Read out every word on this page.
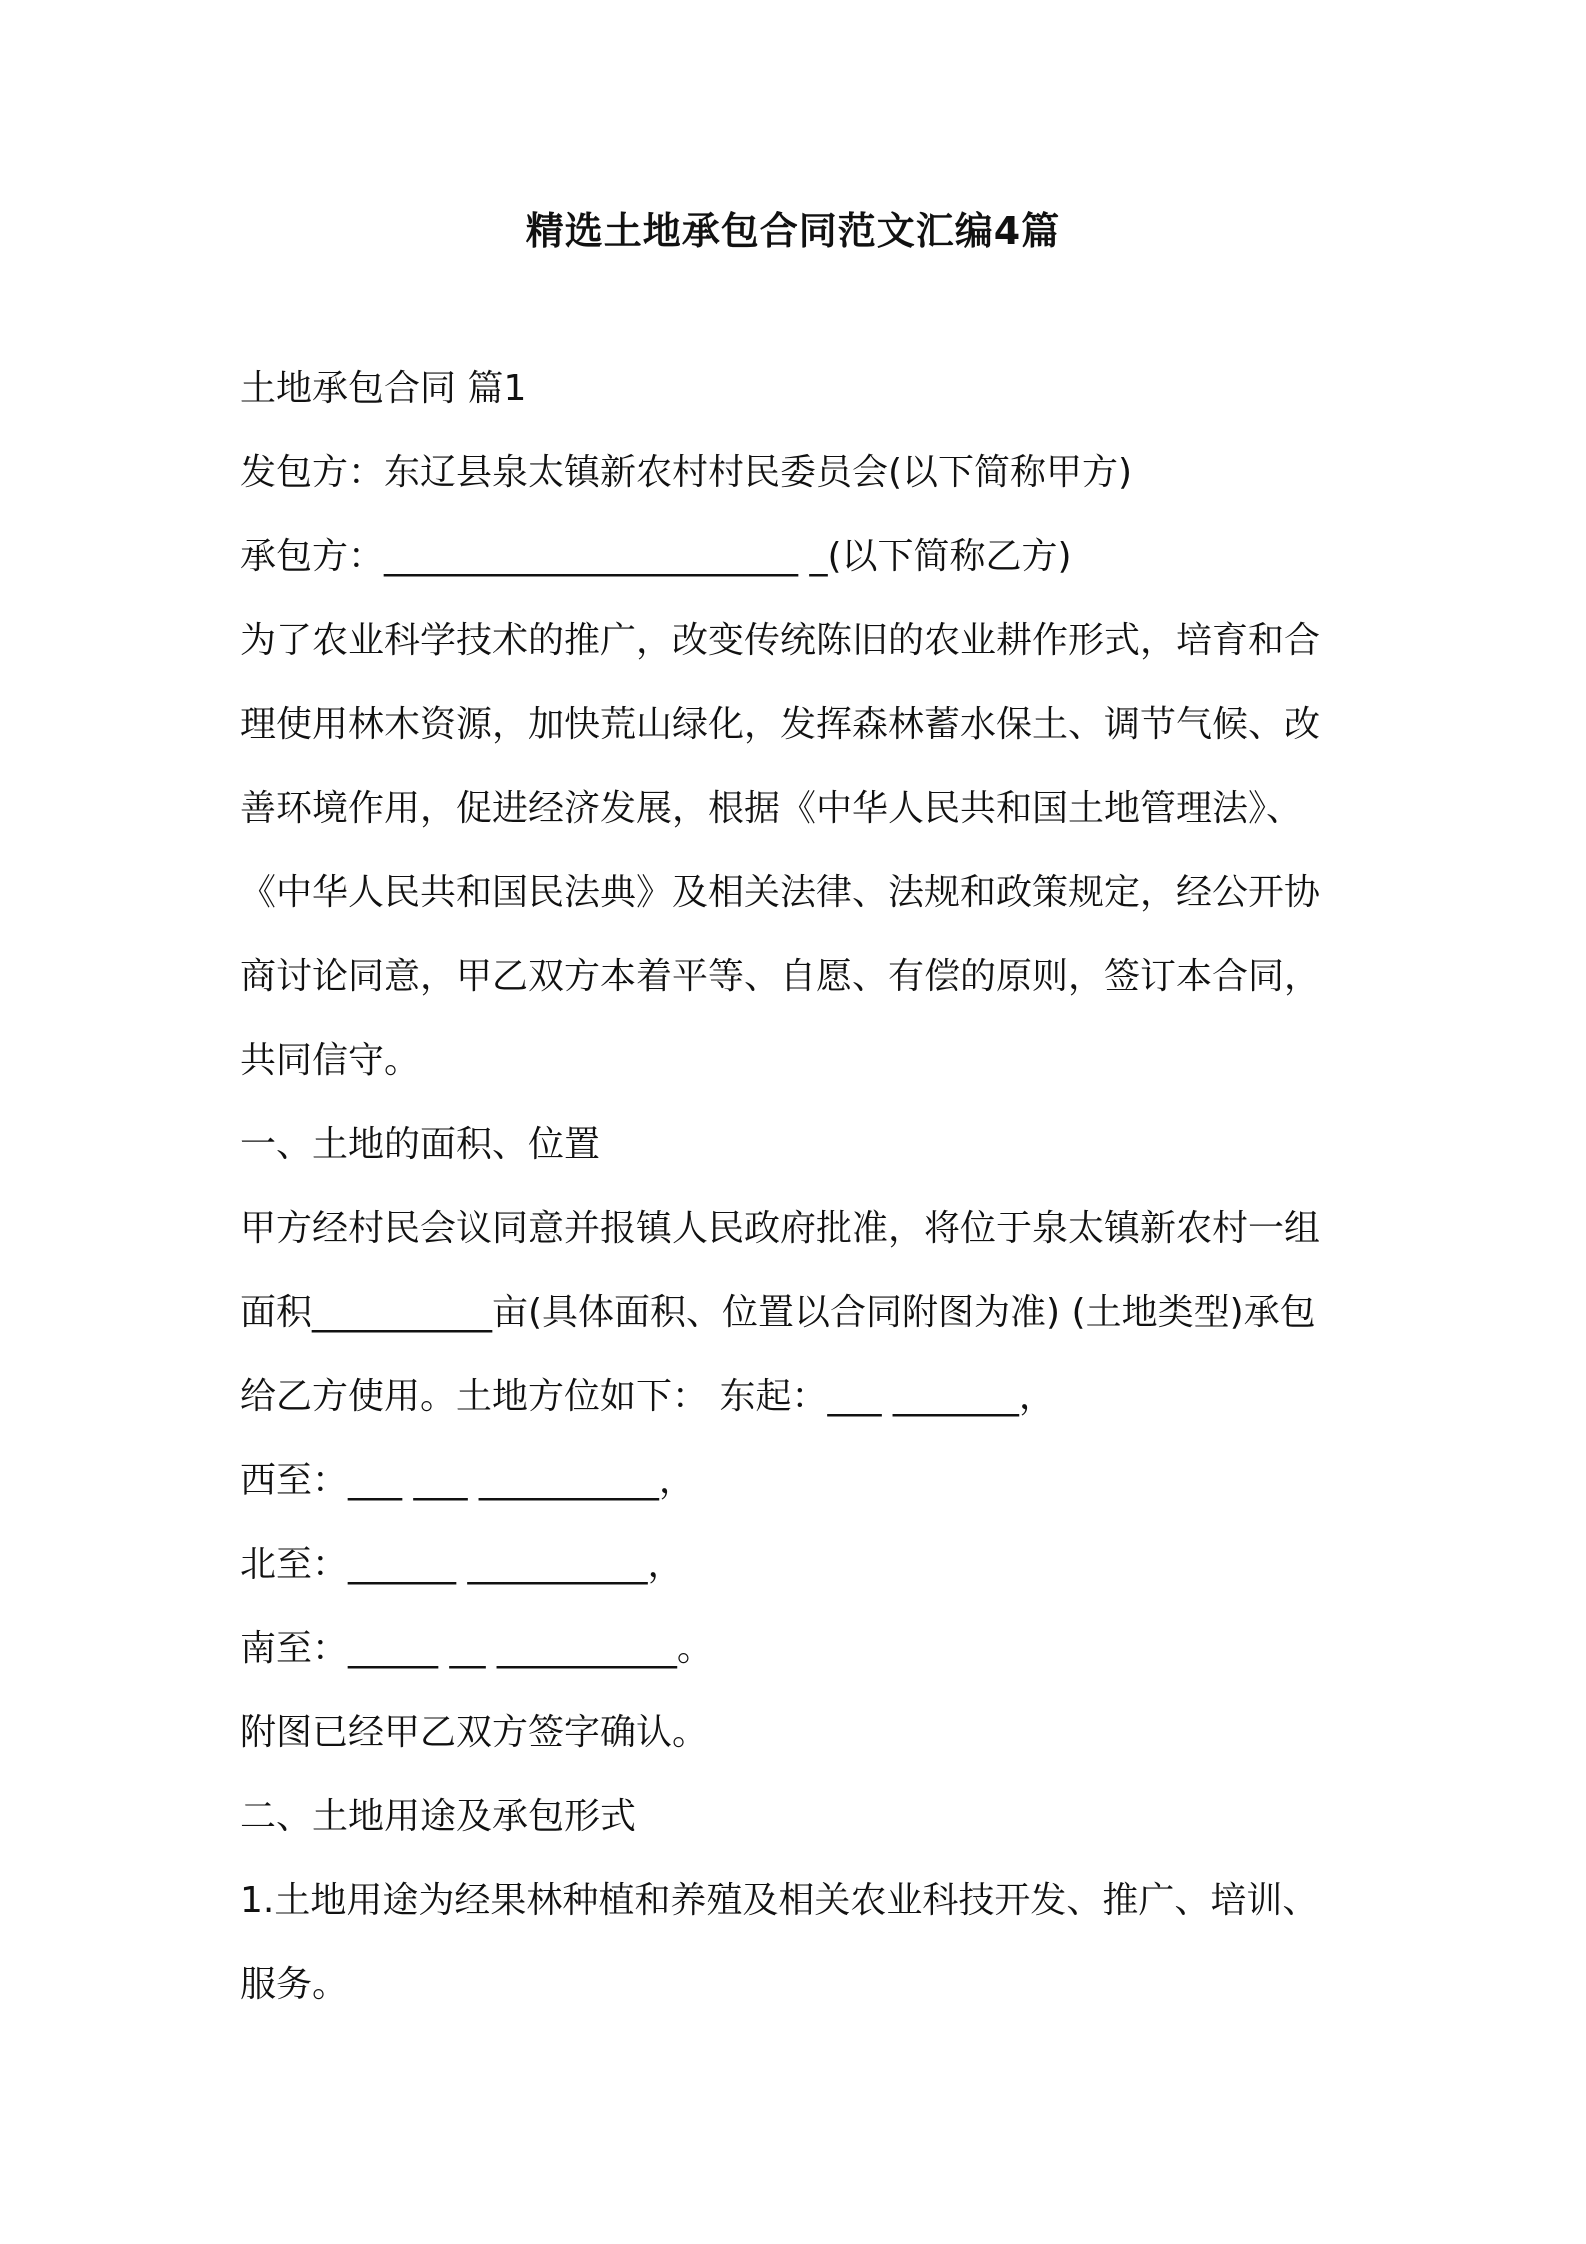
精选土地承包合同范文汇编4篇
土地承包合同 篇1
发包方：东辽县泉太镇新农村村民委员会(以下简称甲方)
承包方：_______________________ _(以下简称乙方)
为了农业科学技术的推广，改变传统陈旧的农业耕作形式，培育和合
理使用林木资源，加快荒山绿化，发挥森林蓄水保土、调节气候、改
善环境作用，促进经济发展，根据《中华人民共和国土地管理法》、
《中华人民共和国民法典》及相关法律、法规和政策规定，经公开协
商讨论同意，甲乙双方本着平等、自愿、有偿的原则，签订本合同，
共同信守。
一、土地的面积、位置
甲方经村民会议同意并报镇人民政府批准，将位于泉太镇新农村一组
面积__________亩(具体面积、位置以合同附图为准) (土地类型)承包
给乙方使用。土地方位如下： 东起：___ _______，
西至：___ ___ __________，
北至：______ __________，
南至：_____ __ __________。
附图已经甲乙双方签字确认。
二、土地用途及承包形式
1.土地用途为经果林种植和养殖及相关农业科技开发、推广、培训、
服务。
